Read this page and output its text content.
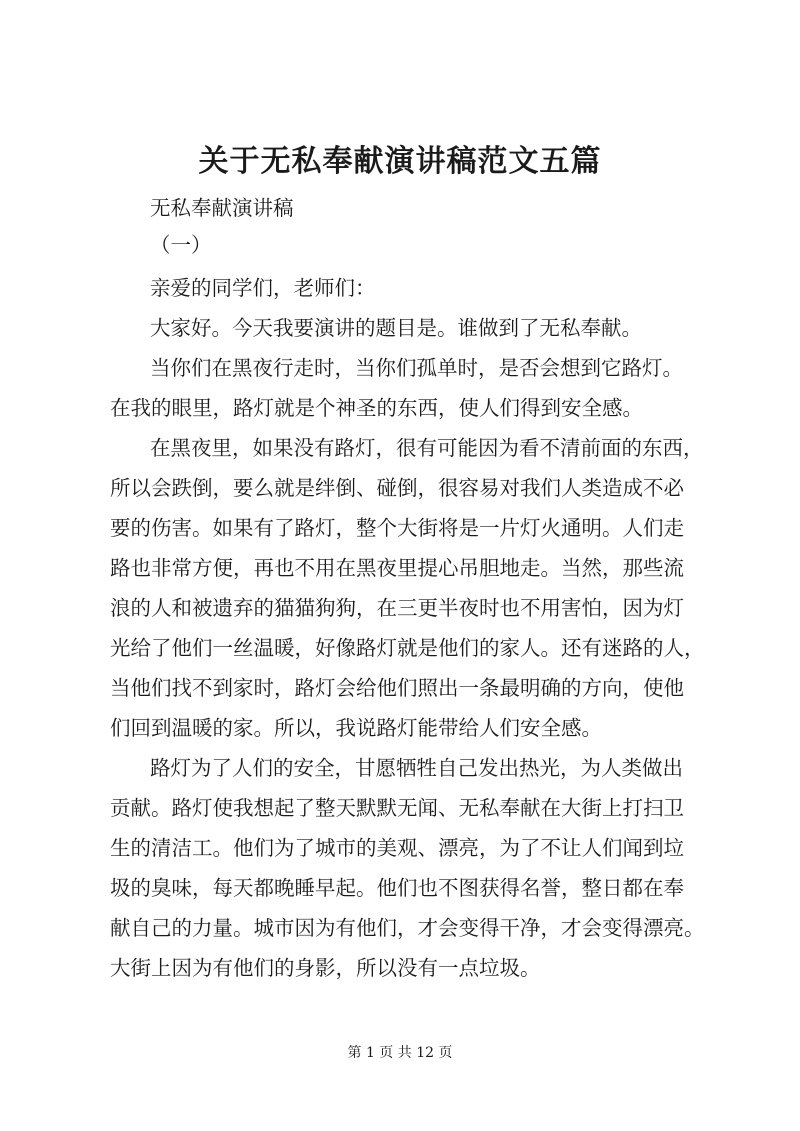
关于无私奉献演讲稿范文五篇
无私奉献演讲稿
（一）
亲爱的同学们，老师们：
大家好。今天我要演讲的题目是。谁做到了无私奉献。
当你们在黑夜行走时，当你们孤单时，是否会想到它路灯。
在我的眼里，路灯就是个神圣的东西，使人们得到安全感。
在黑夜里，如果没有路灯，很有可能因为看不清前面的东西，
所以会跌倒，要么就是绊倒、碰倒，很容易对我们人类造成不必
要的伤害。如果有了路灯，整个大街将是一片灯火通明。人们走
路也非常方便，再也不用在黑夜里提心吊胆地走。当然，那些流
浪的人和被遗弃的猫猫狗狗，在三更半夜时也不用害怕，因为灯
光给了他们一丝温暖，好像路灯就是他们的家人。还有迷路的人，
当他们找不到家时，路灯会给他们照出一条最明确的方向，使他
们回到温暖的家。所以，我说路灯能带给人们安全感。
路灯为了人们的安全，甘愿牺牲自己发出热光，为人类做出
贡献。路灯使我想起了整天默默无闻、无私奉献在大街上打扫卫
生的清洁工。他们为了城市的美观、漂亮，为了不让人们闻到垃
圾的臭味，每天都晚睡早起。他们也不图获得名誉，整日都在奉
献自己的力量。城市因为有他们，才会变得干净，才会变得漂亮。
大街上因为有他们的身影，所以没有一点垃圾。
第 1 页 共 12 页
